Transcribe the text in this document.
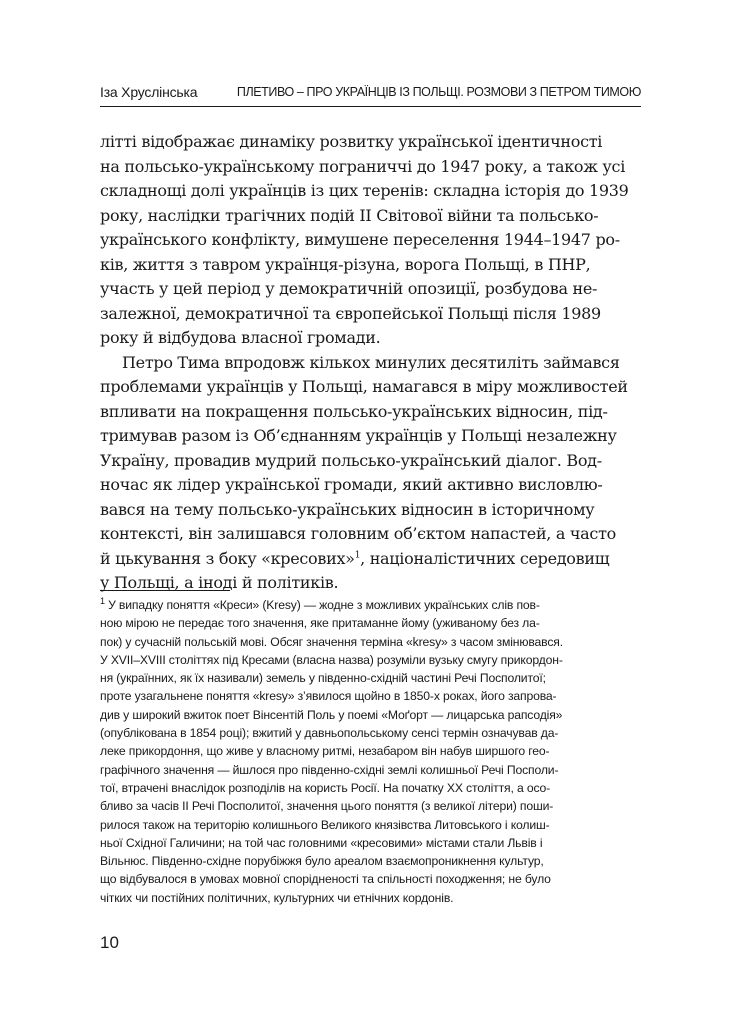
Іза Хруслінська	ПЛЕТИВО – ПРО УКРАЇНЦІВ ІЗ ПОЛЬЩІ. РОЗМОВИ З ПЕТРОМ ТИМОЮ
літті відображає динаміку розвитку української ідентичності
на польсько-українському пограниччі до 1947 року, а також усі
складнощі долі українців із цих теренів: складна історія до 1939
року, наслідки трагічних подій ІІ Світової війни та польсько-
українського конфлікту, вимушене переселення 1944–1947 ро-
ків, життя з тавром українця-різуна, ворога Польщі, в ПНР,
участь у цей період у демократичній опозиції, розбудова не-
залежної, демократичної та європейської Польщі після 1989
року й відбудова власної громади.
Петро Тима впродовж кількох минулих десятиліть займався
проблемами українців у Польщі, намагався в міру можливостей
впливати на покращення польсько-українських відносин, під-
тримував разом із Об’єднанням українців у Польщі незалежну
Україну, провадив мудрий польсько-український діалог. Вод-
ночас як лідер української громади, який активно висловлю-
вався на тему польсько-українських відносин в історичному
контексті, він залишався головним об’єктом напастей, а часто
й цькування з боку «кресових»$^1$, націоналістичних середовищ
у Польщі, а іноді й політиків.
$^1$ У випадку поняття «Креси» (Kresy) — жодне з можливих українських слів пов-
ною мірою не передає того значення, яке притаманне йому (уживаному без ла-
пок) у сучасній польській мові. Обсяг значення терміна «kresy» з часом змінювався.
У XVII–XVIII століттях під Кресами (власна назва) розуміли вузьку смугу прикордон-
ня (українних, як їх називали) земель у південно-східній частині Речі Посполитої;
проте узагальнене поняття «kresy» з’явилося щойно в 1850-х роках, його запрова-
див у широкий вжиток поет Вінсентій Поль у поемі «Моґорт — лицарська рапсодія»
(опублікована в 1854 році); вжитий у давньопольському сенсі термін означував да-
леке прикордоння, що живе у власному ритмі, незабаром він набув ширшого гео-
графічного значення — йшлося про південно-східні землі колишньої Речі Посполи-
тої, втрачені внаслідок розподілів на користь Росії. На початку XX століття, а осо-
бливо за часів ІІ Речі Посполитої, значення цього поняття (з великої літери) поши-
рилося також на територію колишнього Великого князівства Литовського і колиш-
ньої Східної Галичини; на той час головними «кресовими» містами стали Львів і
Вільнюс. Південно-східне порубіжжя було ареалом взаємопроникнення культур,
що відбувалося в умовах мовної спорідненості та спільності походження; не було
чітких чи постійних політичних, культурних чи етнічних кордонів.
10
